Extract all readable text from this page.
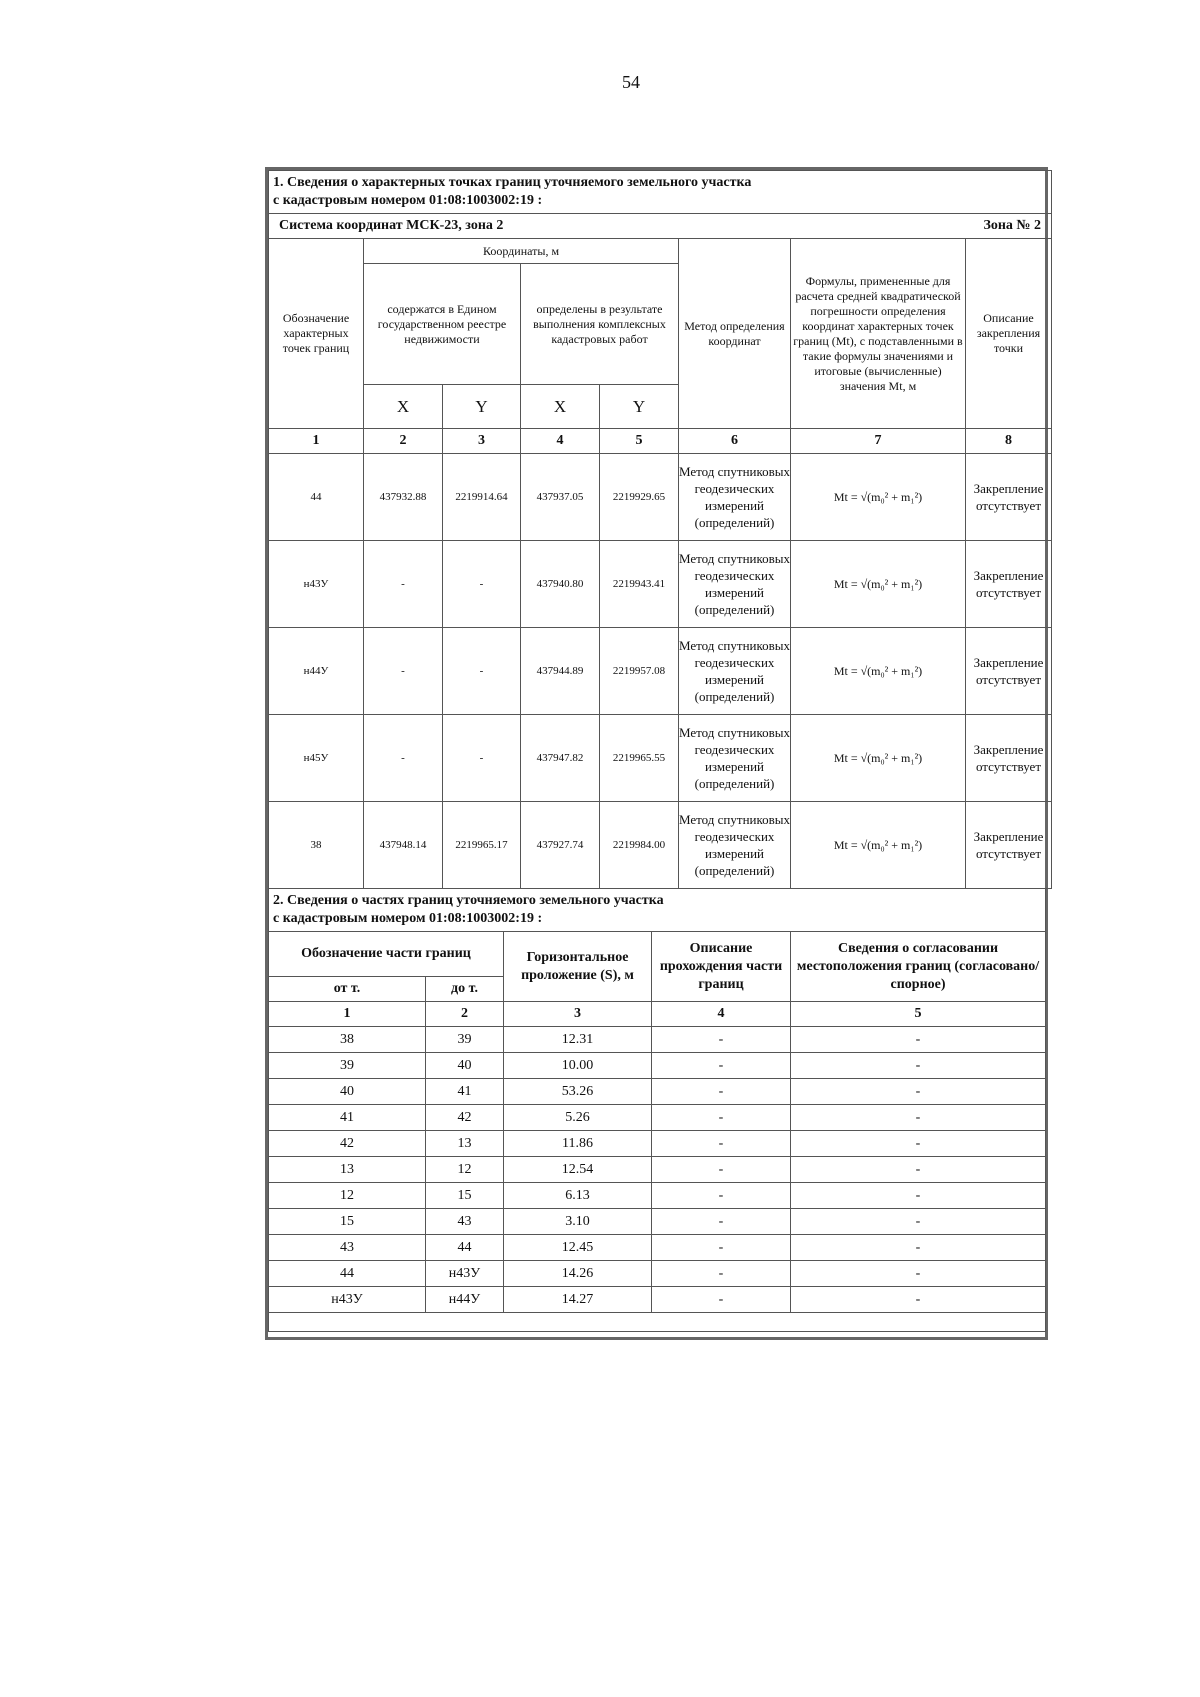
54
1. Сведения о характерных точках границ уточняемого земельного участка
с кадастровым номером 01:08:1003002:19 :							

Система координат МСК-23, зона 2						Зона № 2	
Обозначение характерных точек границ	Координаты, м				Метод определения координат	Формулы, примененные для расчета средней квадратической погрешности определения координат характерных точек границ (Mt), с подставленными в такие формулы значениями и итоговые (вычисленные) значения Mt, м	Описание закрепления точки
	содержатся в Едином государственном реестре недвижимости		определены в результате выполнения комплексных кадастровых работ				
	X	Y	X	Y			
1	2	3	4	5	6	7	8
44	437932.88	2219914.64	437937.05	2219929.65	Метод спутниковых геодезических измерений (определений)	Mt = √(m₀² + m₁²)	Закрепление отсутствует
н43У	-	-	437940.80	2219943.41	Метод спутниковых геодезических измерений (определений)	Mt = √(m₀² + m₁²)	Закрепление отсутствует
н44У	-	-	437944.89	2219957.08	Метод спутниковых геодезических измерений (определений)	Mt = √(m₀² + m₁²)	Закрепление отсутствует
н45У	-	-	437947.82	2219965.55	Метод спутниковых геодезических измерений (определений)	Mt = √(m₀² + m₁²)	Закрепление отсутствует
38	437948.14	2219965.17	437927.74	2219984.00	Метод спутниковых геодезических измерений (определений)	Mt = √(m₀² + m₁²)	Закрепление отсутствует
2. Сведения о частях границ уточняемого земельного участка
с кадастровым номером 01:08:1003002:19 :				

Обозначение части границ		Горизонтальное проложение (S), м	Описание прохождения части границ	Сведения о согласовании местоположения границ (согласовано/спорное)
от т.	до т.			
1	2	3	4	5
38	39	12.31	-	-
39	40	10.00	-	-
40	41	53.26	-	-
41	42	5.26	-	-
42	13	11.86	-	-
13	12	12.54	-	-
12	15	6.13	-	-
15	43	3.10	-	-
43	44	12.45	-	-
44	н43У	14.26	-	-
н43У	н44У	14.27	-	-
